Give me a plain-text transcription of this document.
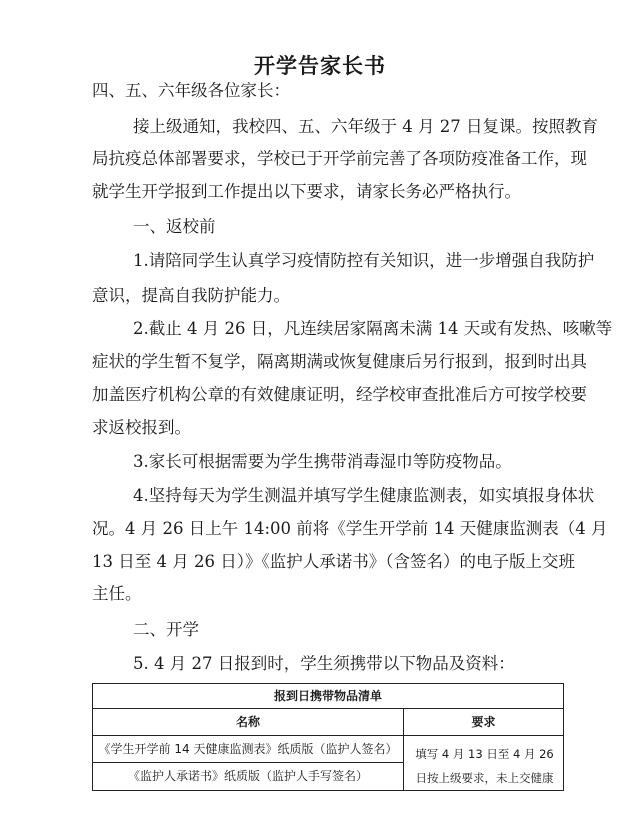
开学告家长书
四、五、六年级各位家长：
接上级通知，我校四、五、六年级于 4 月 27 日复课。按照教育
局抗疫总体部署要求，学校已于开学前完善了各项防疫准备工作，现
就学生开学报到工作提出以下要求，请家长务必严格执行。
一、返校前
1.请陪同学生认真学习疫情防控有关知识，进一步增强自我防护
意识，提高自我防护能力。
2.截止 4 月 26 日，凡连续居家隔离未满 14 天或有发热、咳嗽等
症状的学生暂不复学，隔离期满或恢复健康后另行报到，报到时出具
加盖医疗机构公章的有效健康证明，经学校审查批准后方可按学校要
求返校报到。
3.家长可根据需要为学生携带消毒湿巾等防疫物品。
4.坚持每天为学生测温并填写学生健康监测表，如实填报身体状
况。4 月 26 日上午 14:00 前将《学生开学前 14 天健康监测表（4 月
13 日至 4 月 26 日）》《监护人承诺书》（含签名）的电子版上交班
主任。
二、开学
5. 4 月 27 日报到时，学生须携带以下物品及资料：
报到日携带物品清单
名称	要求
《学生开学前 14 天健康监测表》纸质版（监护人签名）
《监护人承诺书》纸质版（监护人手写签名）
填写 4 月 13 日至 4 月 26
日按上级要求，未上交健康
